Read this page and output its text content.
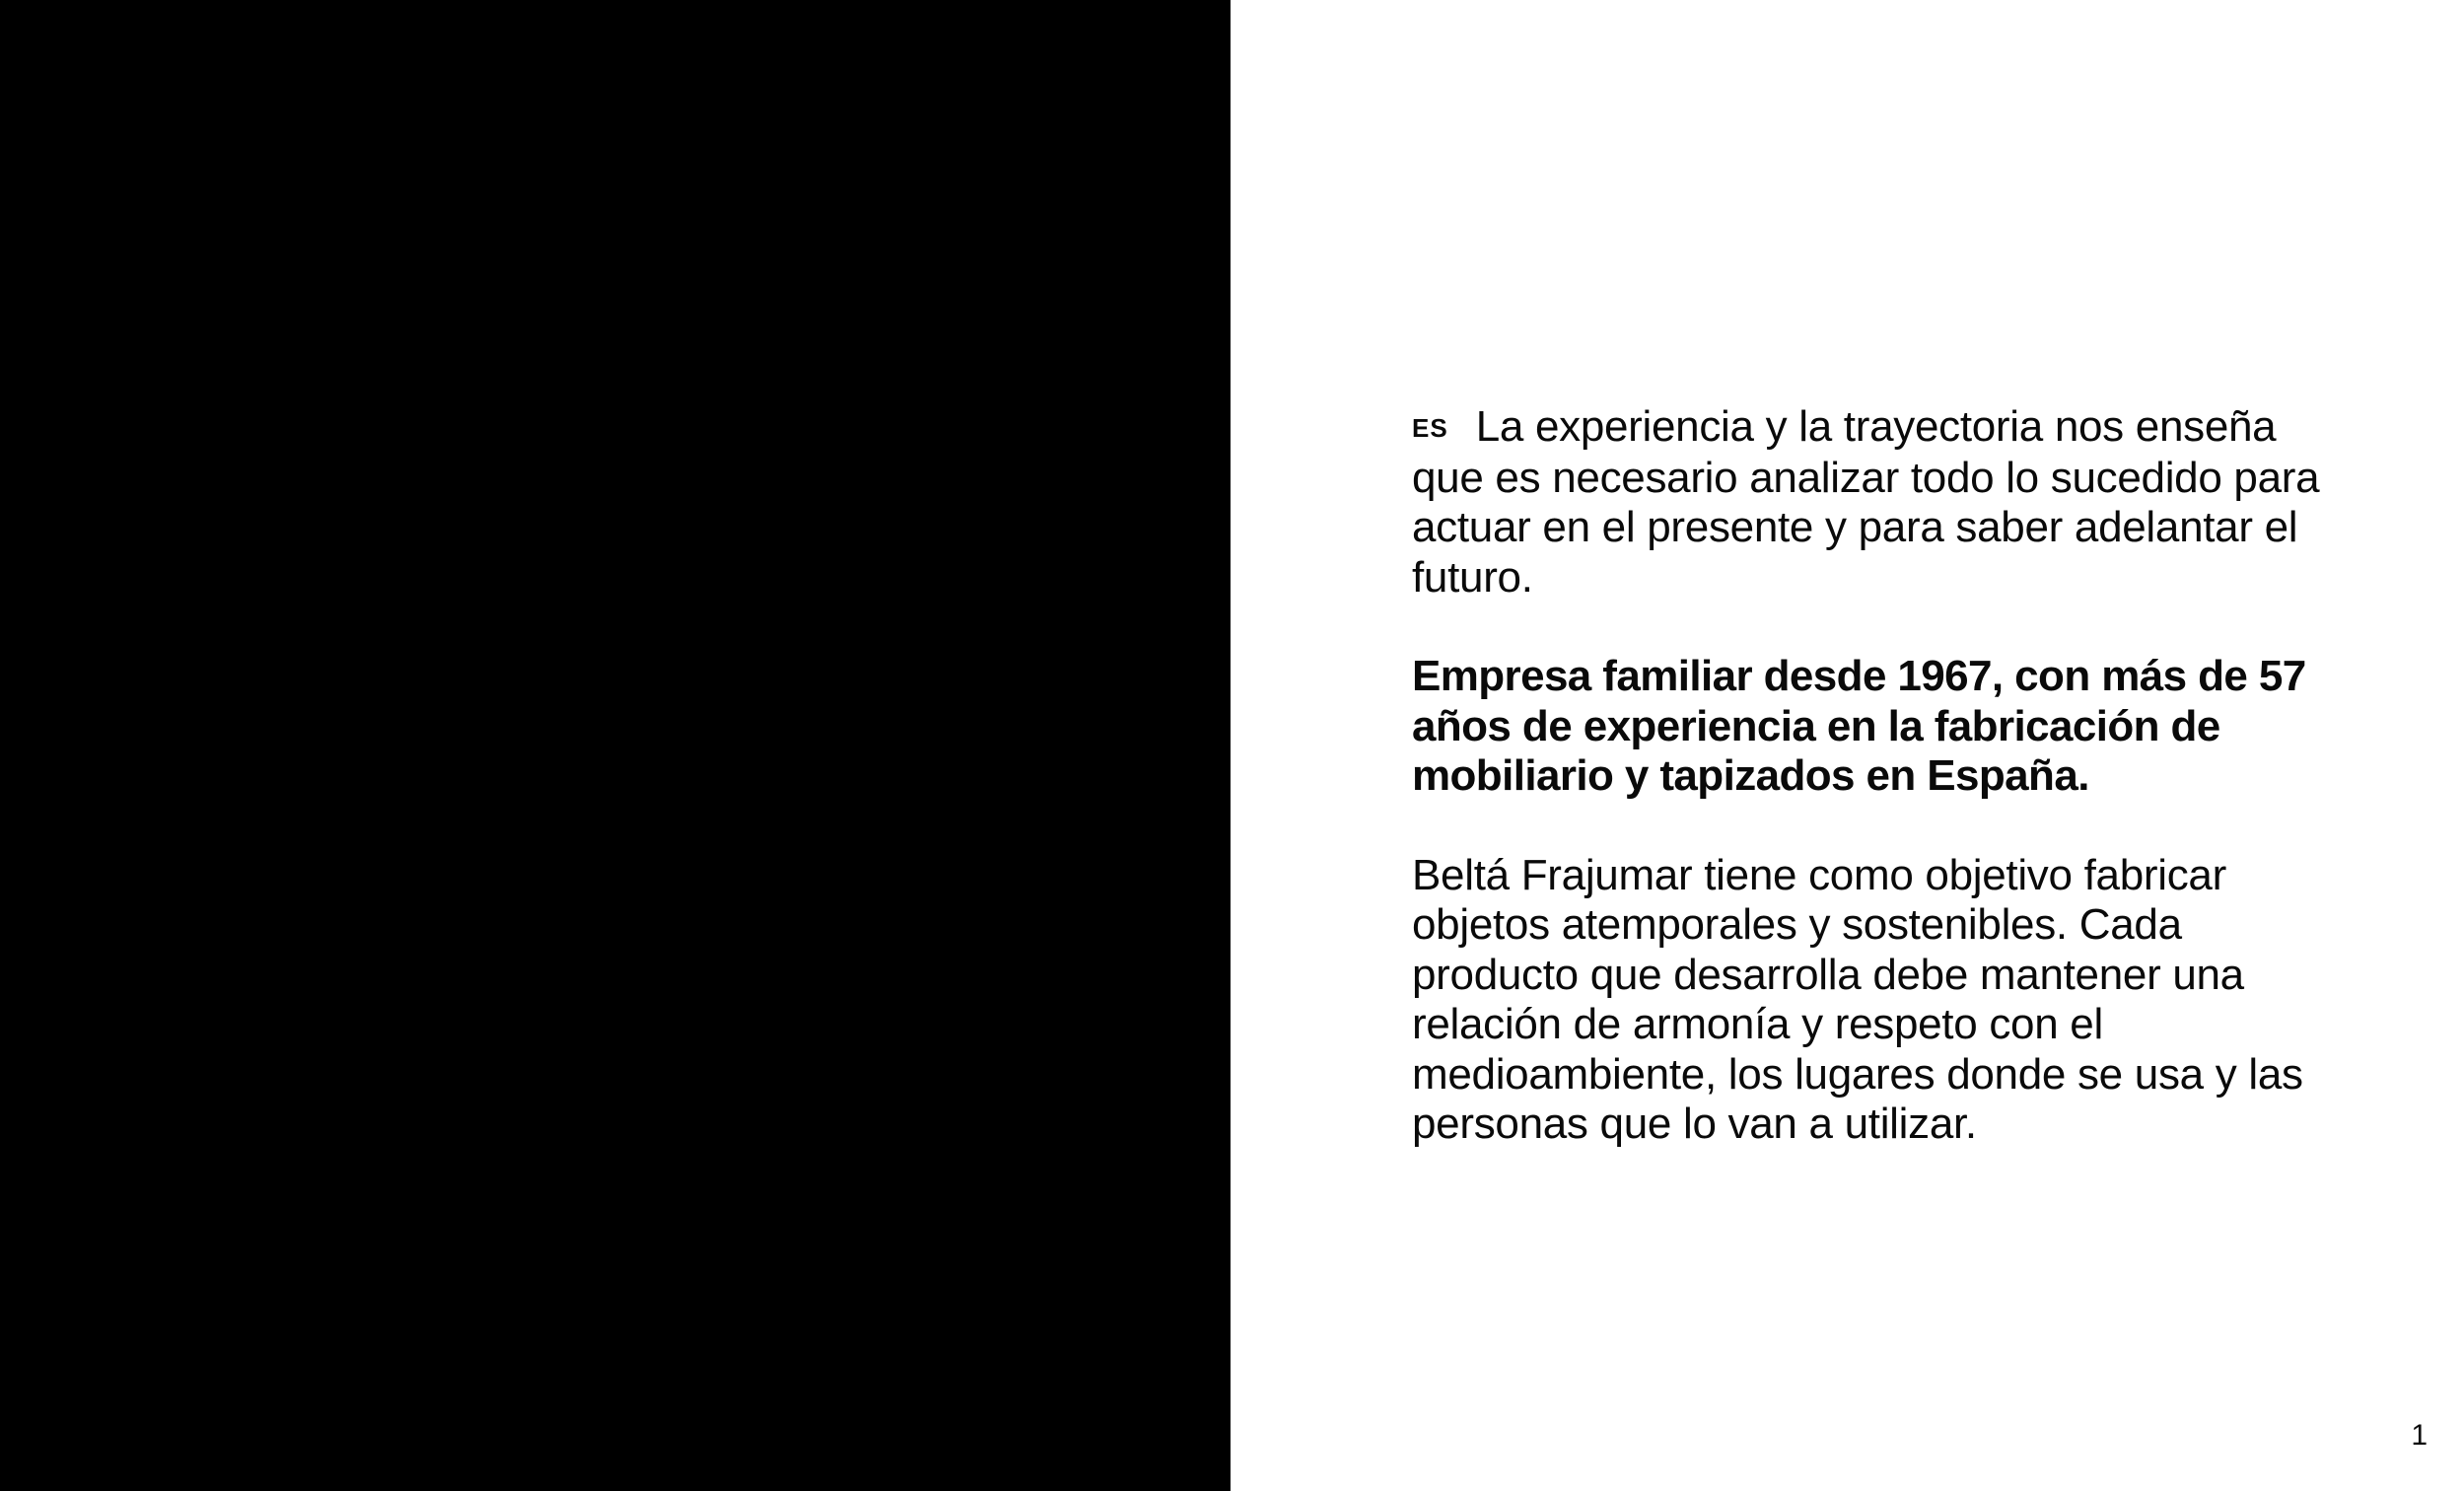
ES La experiencia y la trayectoria nos enseña que es necesario analizar todo lo sucedido para actuar en el presente y para saber adelantar el futuro.

Empresa familiar desde 1967, con más de 57 años de experiencia en la fabricación de mobiliario y tapizados en España.

Beltá Frajumar tiene como objetivo fabricar objetos atemporales y sostenibles. Cada producto que desarrolla debe mantener una relación de armonía y respeto con el medioambiente, los lugares donde se usa y las personas que lo van a utilizar.

1
